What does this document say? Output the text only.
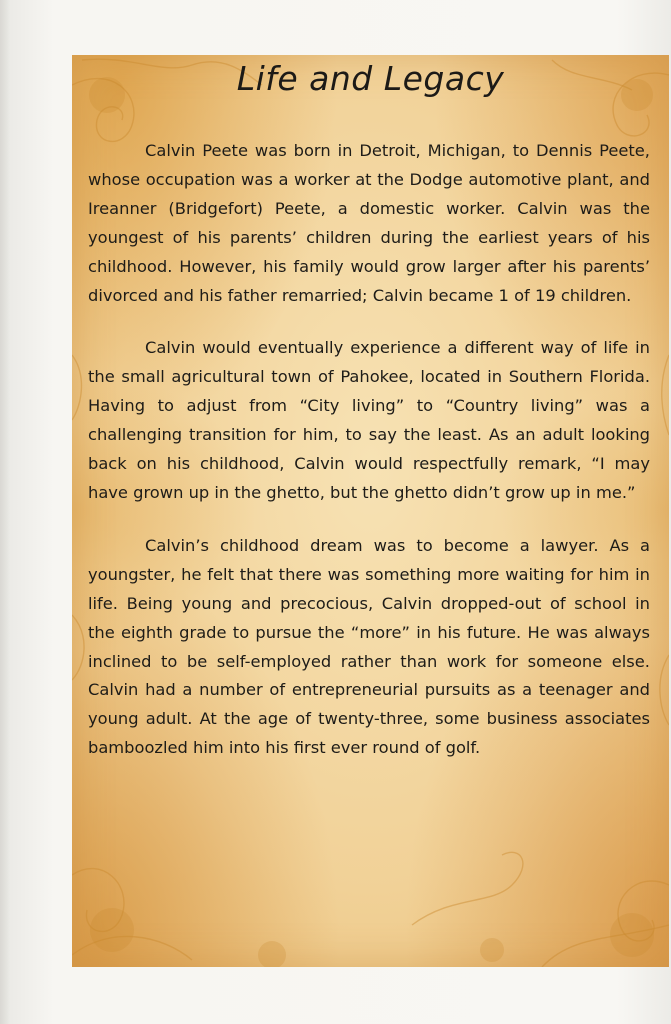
Life and Legacy

Calvin Peete was born in Detroit, Michigan, to Dennis Peete, whose occupation was a worker at the Dodge automotive plant, and Ireanner (Bridgefort) Peete, a domestic worker. Calvin was the youngest of his parents’ children during the earliest years of his childhood. However, his family would grow larger after his parents’ divorced and his father remarried; Calvin became 1 of 19 children.

Calvin would eventually experience a different way of life in the small agricultural town of Pahokee, located in Southern Florida. Having to adjust from “City living” to “Country living” was a challenging transition for him, to say the least. As an adult looking back on his childhood, Calvin would respectfully remark, “I may have grown up in the ghetto, but the ghetto didn’t grow up in me.”

Calvin’s childhood dream was to become a lawyer. As a youngster, he felt that there was something more waiting for him in life. Being young and precocious, Calvin dropped-out of school in the eighth grade to pursue the “more” in his future. He was always inclined to be self-employed rather than work for someone else. Calvin had a number of entrepreneurial pursuits as a teenager and young adult. At the age of twenty-three, some business associates bamboozled him into his first ever round of golf.
